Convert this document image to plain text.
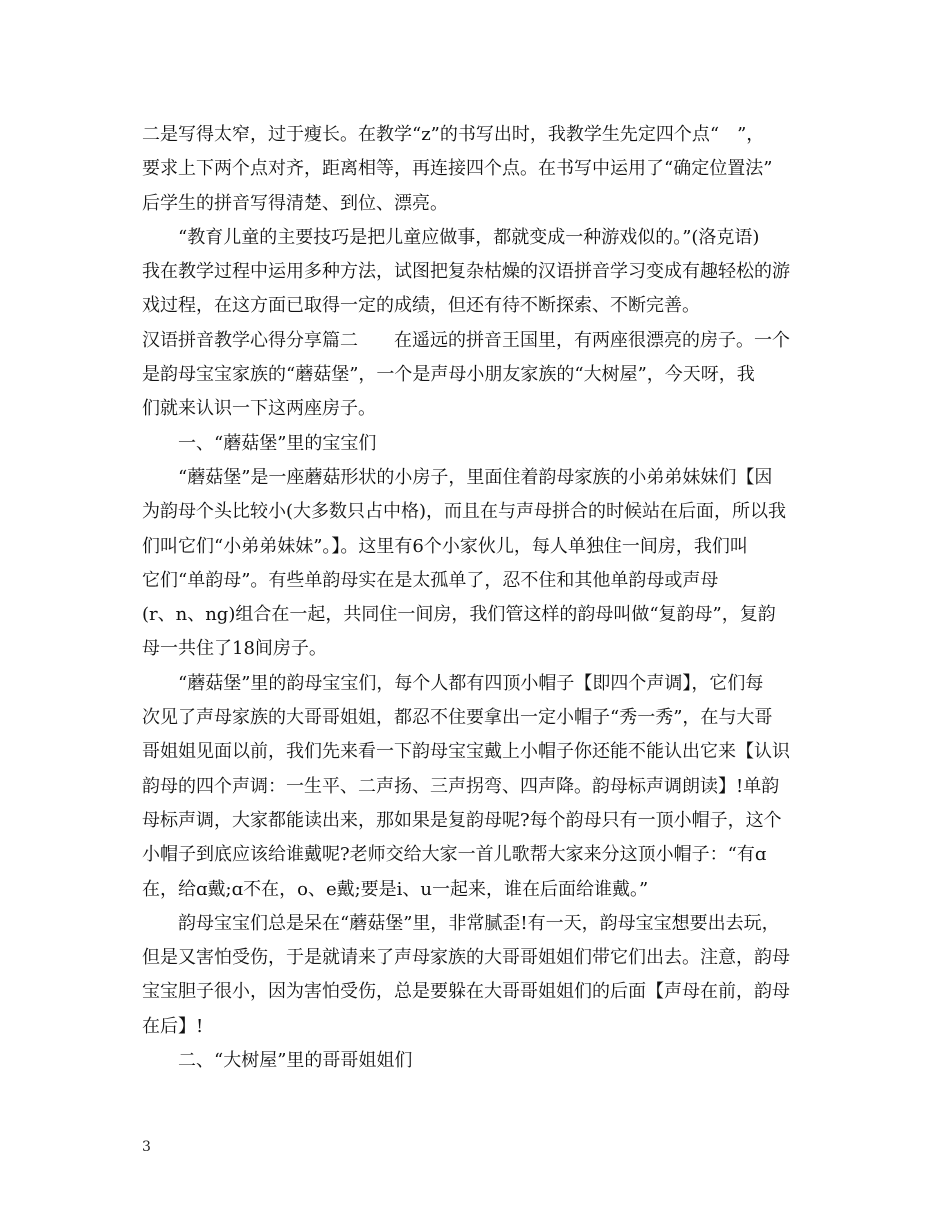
二是写得太窄，过于瘦长。在教学“z”的书写出时，我教学生先定四个点“　”，
要求上下两个点对齐，距离相等，再连接四个点。在书写中运用了“确定位置法”
后学生的拼音写得清楚、到位、漂亮。
“教育儿童的主要技巧是把儿童应做事，都就变成一种游戏似的。”(洛克语)
我在教学过程中运用多种方法，试图把复杂枯燥的汉语拼音学习变成有趣轻松的游
戏过程，在这方面已取得一定的成绩，但还有待不断探索、不断完善。
汉语拼音教学心得分享篇二　　在遥远的拼音王国里，有两座很漂亮的房子。一个
是韵母宝宝家族的“蘑菇堡”，一个是声母小朋友家族的“大树屋”，今天呀，我
们就来认识一下这两座房子。
一、“蘑菇堡”里的宝宝们
“蘑菇堡”是一座蘑菇形状的小房子，里面住着韵母家族的小弟弟妹妹们【因
为韵母个头比较小(大多数只占中格)，而且在与声母拼合的时候站在后面，所以我
们叫它们“小弟弟妹妹”。】。这里有6个小家伙儿，每人单独住一间房，我们叫
它们“单韵母”。有些单韵母实在是太孤单了，忍不住和其他单韵母或声母
(r、n、ng)组合在一起，共同住一间房，我们管这样的韵母叫做“复韵母”，复韵
母一共住了18间房子。
“蘑菇堡”里的韵母宝宝们，每个人都有四顶小帽子【即四个声调】，它们每
次见了声母家族的大哥哥姐姐，都忍不住要拿出一定小帽子“秀一秀”，在与大哥
哥姐姐见面以前，我们先来看一下韵母宝宝戴上小帽子你还能不能认出它来【认识
韵母的四个声调：一生平、二声扬、三声拐弯、四声降。韵母标声调朗读】!单韵
母标声调，大家都能读出来，那如果是复韵母呢?每个韵母只有一顶小帽子，这个
小帽子到底应该给谁戴呢?老师交给大家一首儿歌帮大家来分这顶小帽子：“有ɑ
在，给ɑ戴;ɑ不在，o、e戴;要是i、u一起来，谁在后面给谁戴。”
韵母宝宝们总是呆在“蘑菇堡”里，非常腻歪!有一天，韵母宝宝想要出去玩，
但是又害怕受伤，于是就请来了声母家族的大哥哥姐姐们带它们出去。注意，韵母
宝宝胆子很小，因为害怕受伤，总是要躲在大哥哥姐姐们的后面【声母在前，韵母
在后】!
二、“大树屋”里的哥哥姐姐们
3
